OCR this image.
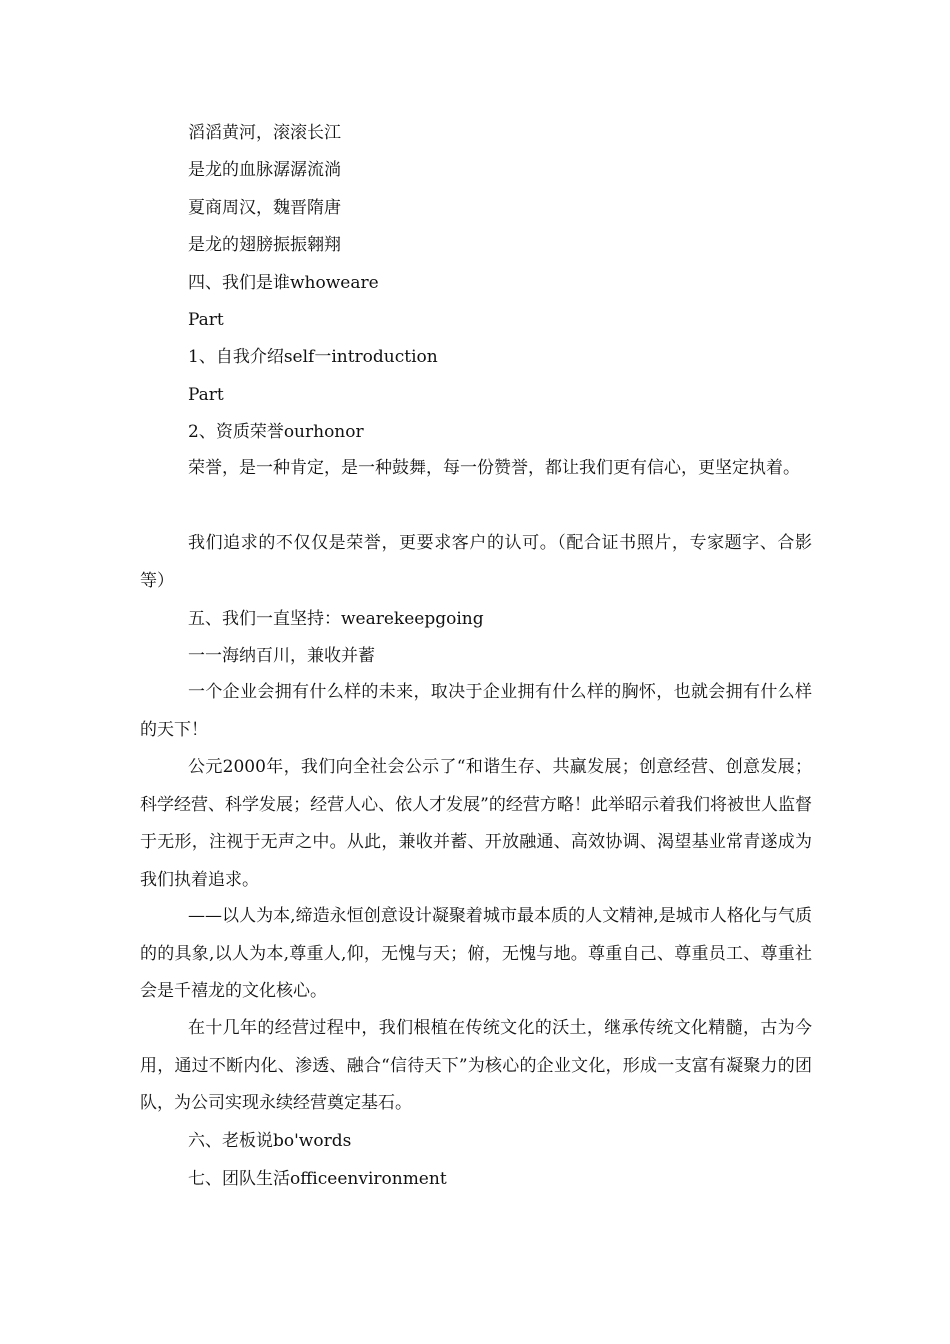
滔滔黄河，滚滚长江

是龙的血脉潺潺流淌

夏商周汉，魏晋隋唐

是龙的翅膀振振翱翔

四、我们是谁whoweare

Part

1、自我介绍self一introduction

Part

2、资质荣誉ourhonor

荣誉，是一种肯定，是一种鼓舞，每一份赞誉，都让我们更有信心，更坚定执着。

我们追求的不仅仅是荣誉，更要求客户的认可。（配合证书照片，专家题字、合影等）

五、我们一直坚持：wearekeepgoing

一一海纳百川，兼收并蓄

一个企业会拥有什么样的未来，取决于企业拥有什么样的胸怀，也就会拥有什么样的天下！

公元2000年，我们向全社会公示了“和谐生存、共赢发展；创意经营、创意发展；科学经营、科学发展；经营人心、依人才发展”的经营方略！此举昭示着我们将被世人监督于无形，注视于无声之中。从此，兼收并蓄、开放融通、高效协调、渴望基业常青遂成为我们执着追求。

——以人为本,缔造永恒创意设计凝聚着城市最本质的人文精神,是城市人格化与气质的的具象,以人为本,尊重人,仰，无愧与天；俯，无愧与地。尊重自己、尊重员工、尊重社会是千禧龙的文化核心。

在十几年的经营过程中，我们根植在传统文化的沃土，继承传统文化精髓，古为今用，通过不断内化、渗透、融合“信待天下”为核心的企业文化，形成一支富有凝聚力的团队，为公司实现永续经营奠定基石。

六、老板说bo'words

七、团队生活officeenvironment
